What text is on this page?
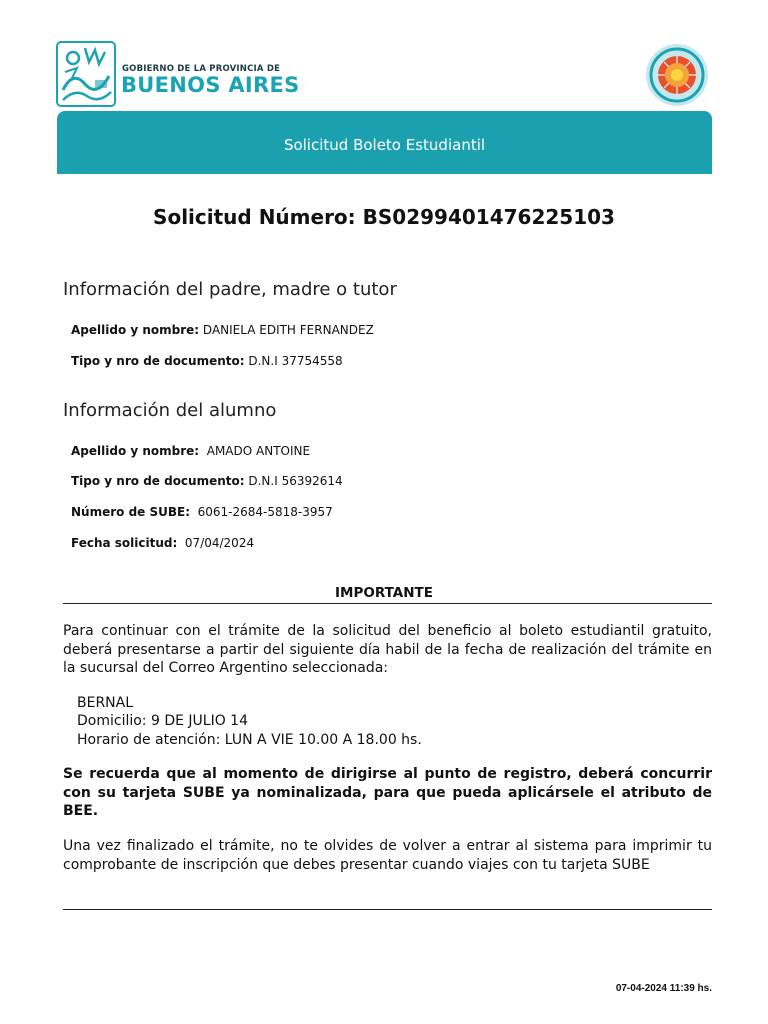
GOBIERNO DE LA PROVINCIA DE
BUENOS AIRES
Solicitud Boleto Estudiantil
Solicitud Número: BS0299401476225103
Información del padre, madre o tutor
Apellido y nombre: DANIELA EDITH FERNANDEZ
Tipo y nro de documento: D.N.I 37754558
Información del alumno
Apellido y nombre:  AMADO ANTOINE
Tipo y nro de documento: D.N.I 56392614
Número de SUBE:  6061-2684-5818-3957
Fecha solicitud:  07/04/2024
IMPORTANTE
Para continuar con el trámite de la solicitud del beneficio al boleto estudiantil gratuito, deberá presentarse a partir del siguiente día habil de la fecha de realización del trámite en la sucursal del Correo Argentino seleccionada:
BERNAL
Domicilio: 9 DE JULIO 14
Horario de atención: LUN A VIE 10.00 A 18.00 hs.
Se recuerda que al momento de dirigirse al punto de registro, deberá concurrir con su tarjeta SUBE ya nominalizada, para que pueda aplicársele el atributo de BEE.
Una vez finalizado el trámite, no te olvides de volver a entrar al sistema para imprimir tu comprobante de inscripción que debes presentar cuando viajes con tu tarjeta SUBE
07-04-2024 11:39 hs.
